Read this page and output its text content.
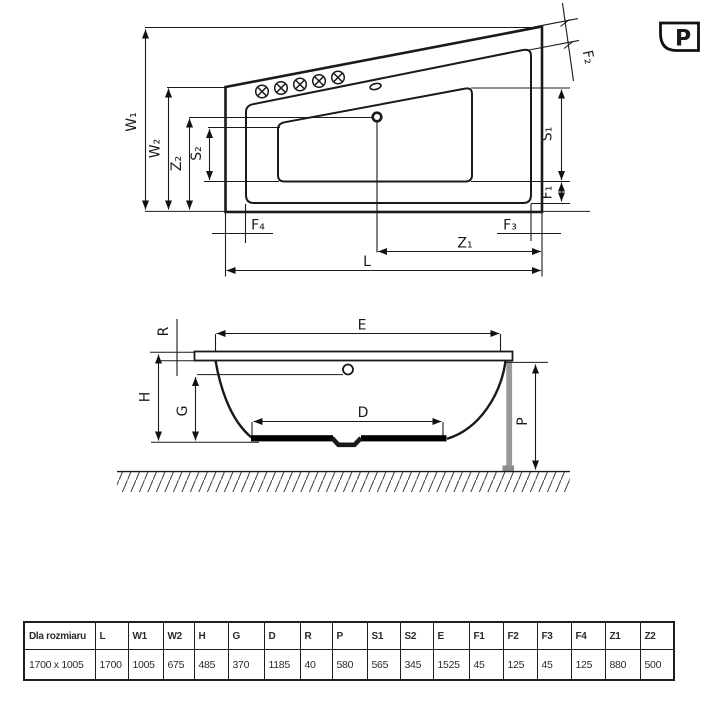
W₁
W₂
Z₂
S₂
S₁
F₁
F₂
F₄	F₃
Z₁
L
P
R	E
H
G	D
P
Dla rozmiaru	L	W1	W2	H	G	D	R	P	S1	S2	E	F1	F2	F3	F4	Z1	Z2
1700 x 1005	1700	1005	675	485	370	1185	40	580	565	345	1525	45	125	45	125	880	500
